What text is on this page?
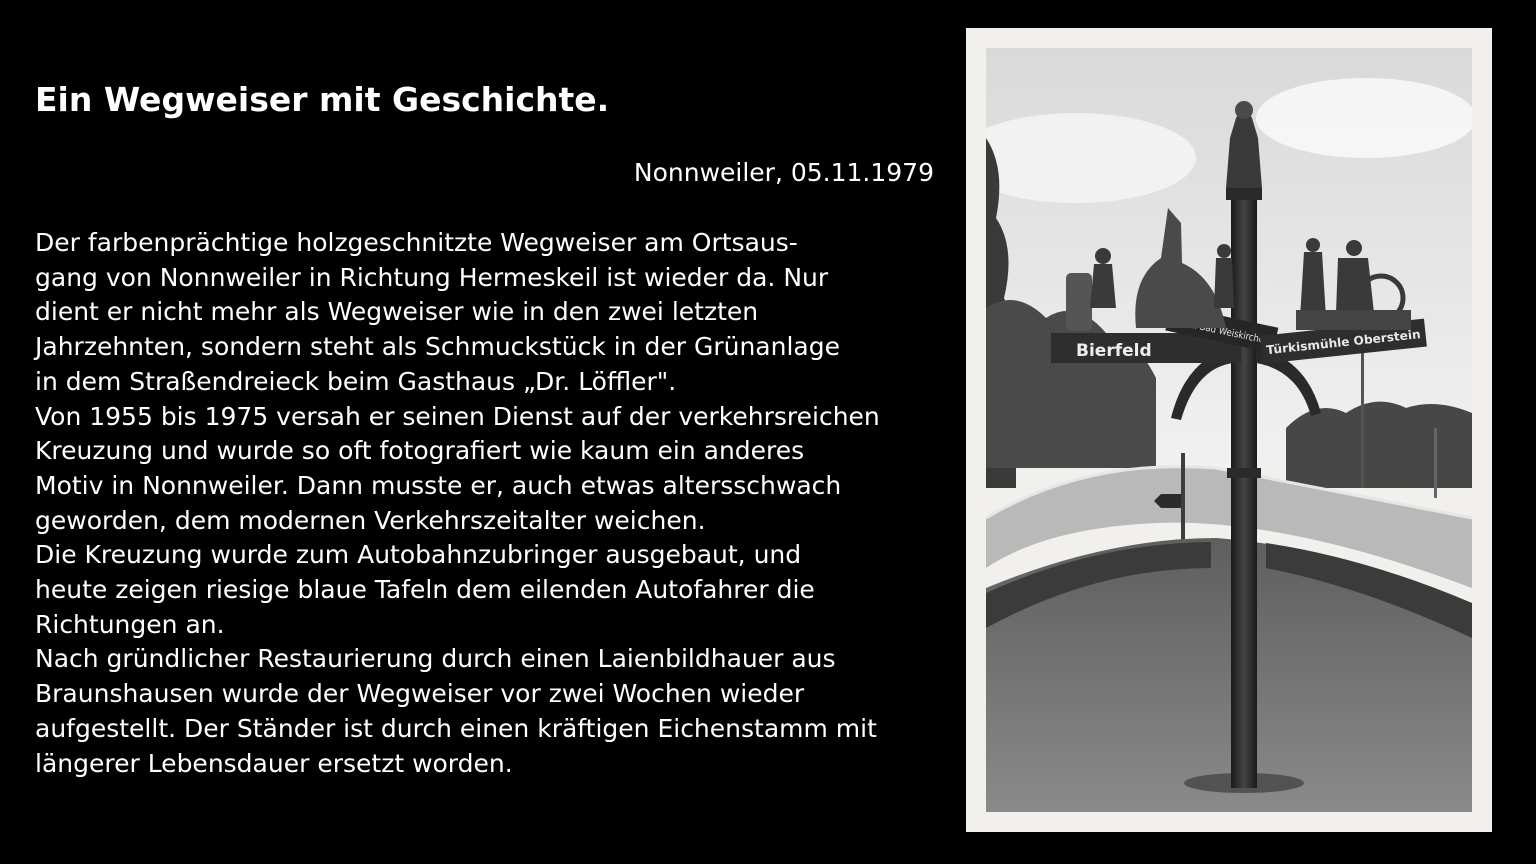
Ein Wegweiser mit Geschichte.
Nonnweiler, 05.11.1979
Der farbenprächtige holzgeschnitzte Wegweiser am Ortsaus-
gang von Nonnweiler in Richtung Hermeskeil ist wieder da. Nur
dient er nicht mehr als Wegweiser wie in den zwei letzten
Jahrzehnten, sondern steht als Schmuckstück in der Grünanlage
in dem Straßendreieck beim Gasthaus „Dr. Löffler".
Von 1955 bis 1975 versah er seinen Dienst auf der verkehrsreichen
Kreuzung und wurde so oft fotografiert wie kaum ein anderes
Motiv in Nonnweiler. Dann musste er, auch etwas altersschwach
geworden, dem modernen Verkehrszeitalter weichen.
Die Kreuzung wurde zum Autobahnzubringer ausgebaut, und
heute zeigen riesige blaue Tafeln dem eilenden Autofahrer die
Richtungen an.
Nach gründlicher Restaurierung durch einen Laienbildhauer aus
Braunshausen wurde der Wegweiser vor zwei Wochen wieder
aufgestellt. Der Ständer ist durch einen kräftigen Eichenstamm mit
längerer Lebensdauer ersetzt worden.
Bierfeld
Kastel-Bad Weiskirchen
Türkismühle Oberstein
